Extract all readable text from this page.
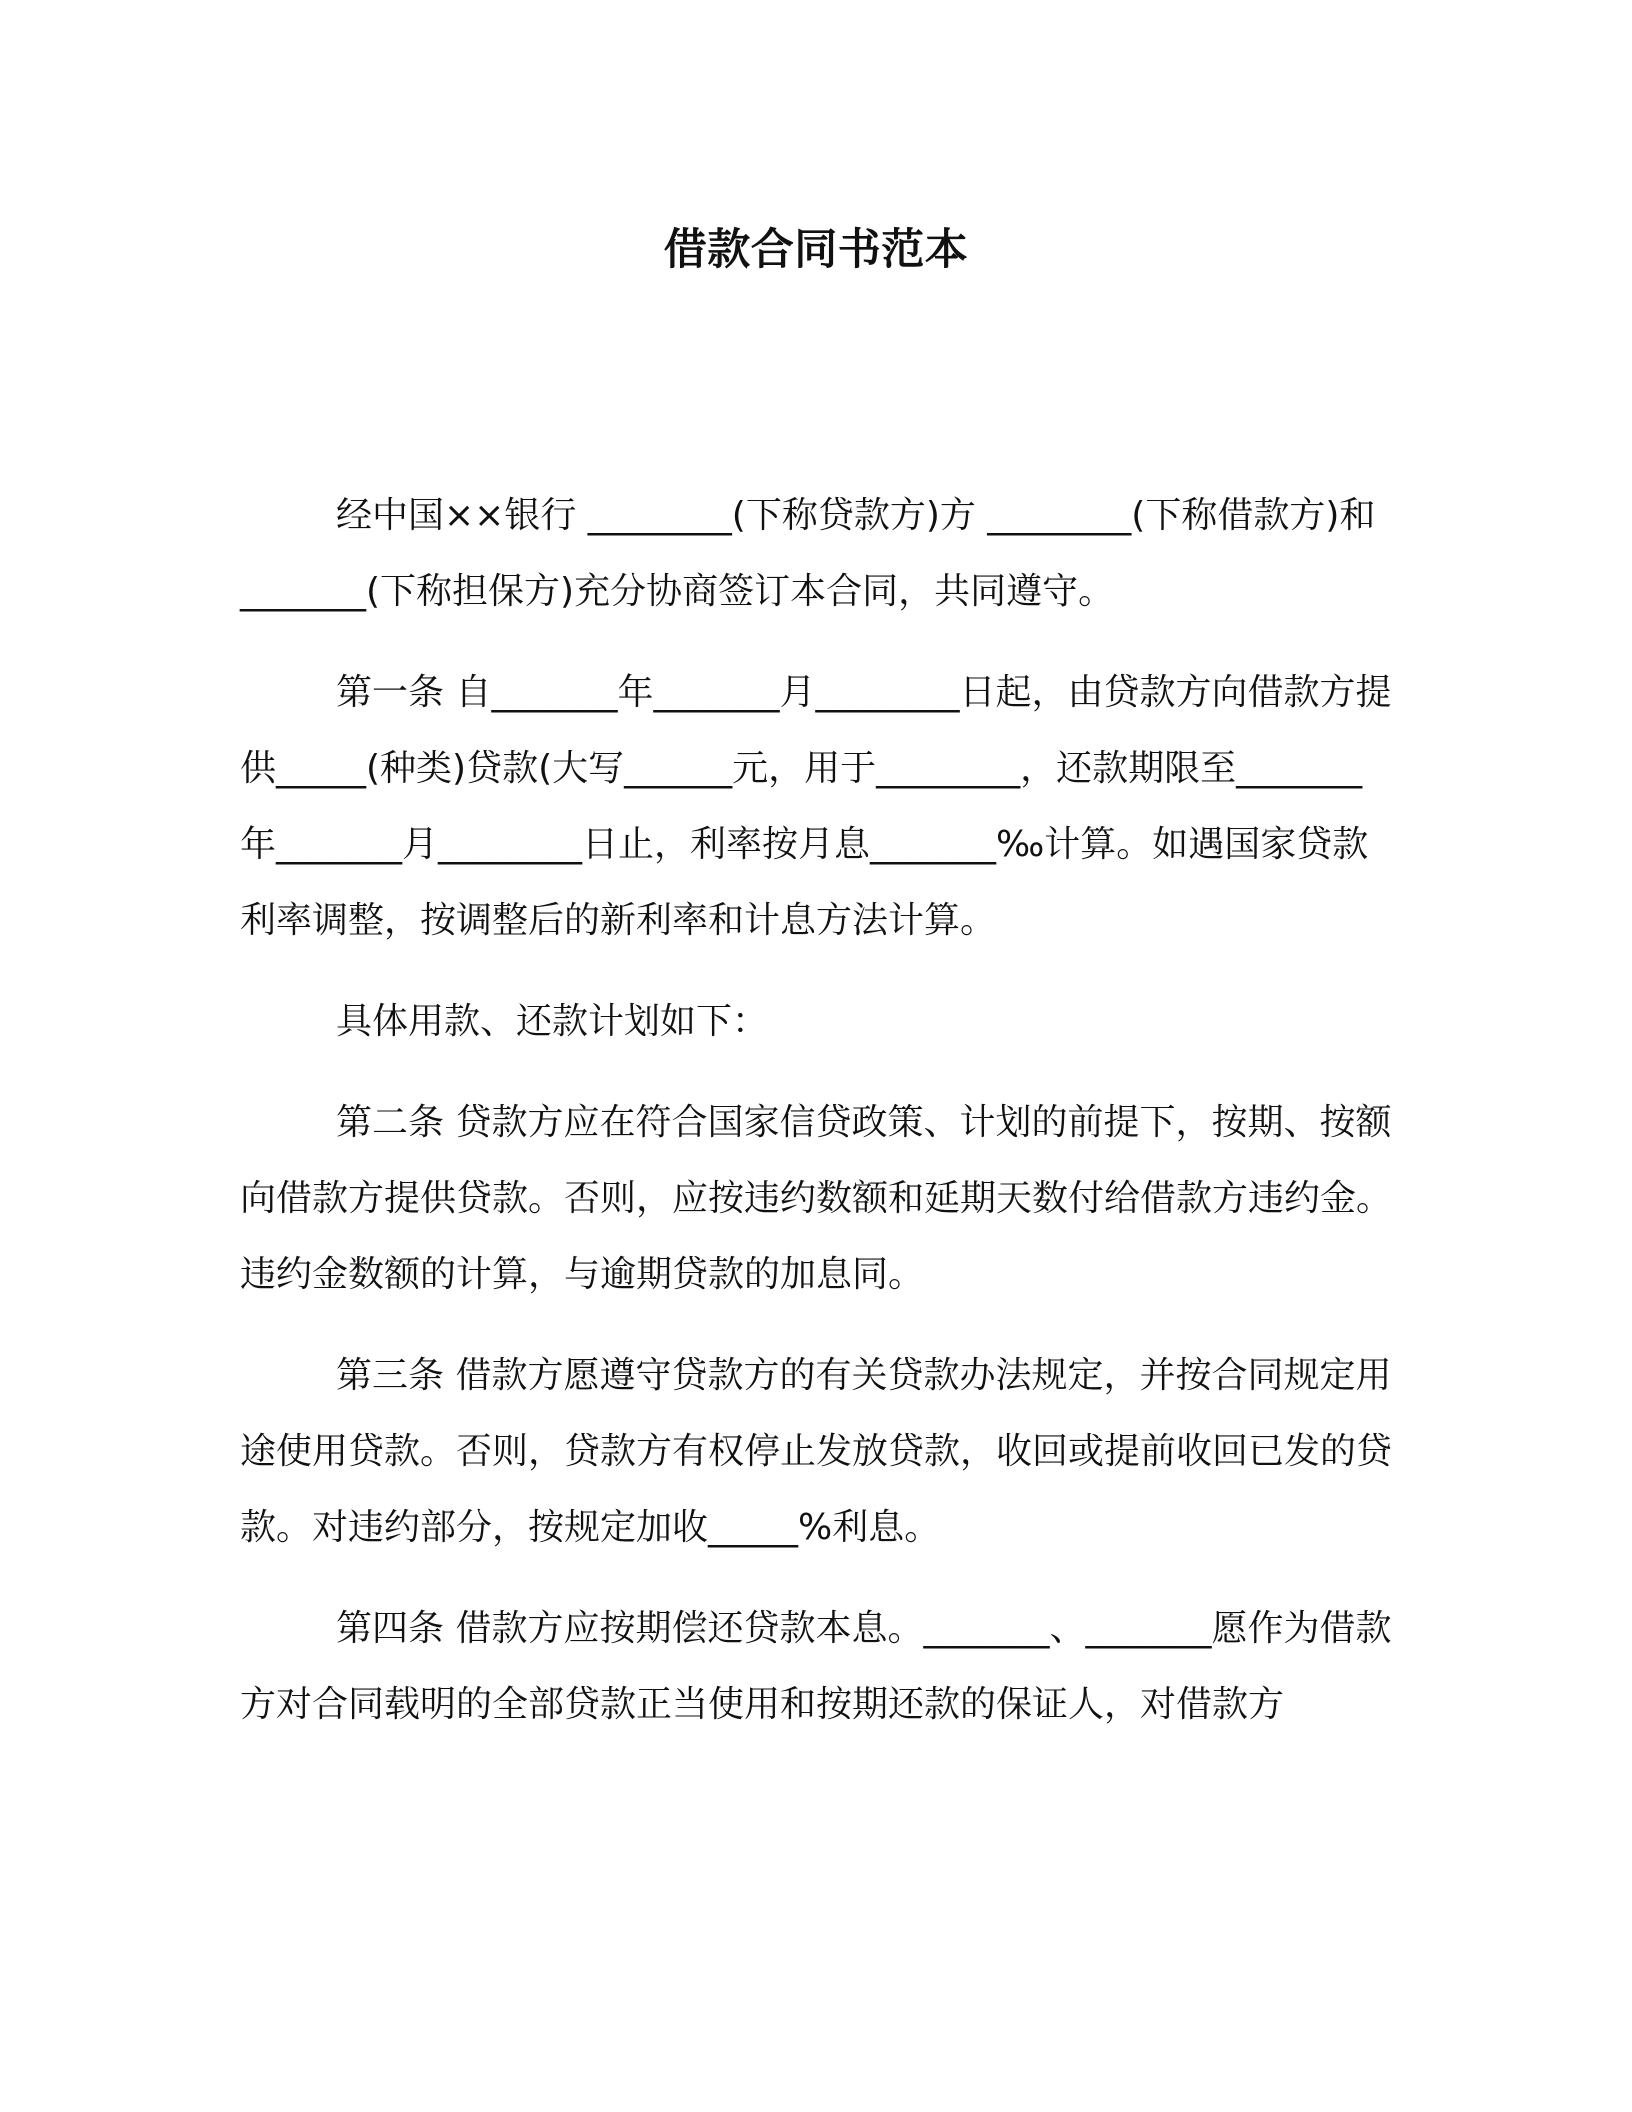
借款合同书范本

经中国××银行 ________(下称贷款方)方 ________(下称借款方)和_______(下称担保方)充分协商签订本合同，共同遵守。

第一条 自_______年_______月________日起，由贷款方向借款方提供_____(种类)贷款(大写______元，用于________，还款期限至_______年_______月________日止，利率按月息_______‰计算。如遇国家贷款利率调整，按调整后的新利率和计息方法计算。

具体用款、还款计划如下：

第二条 贷款方应在符合国家信贷政策、计划的前提下，按期、按额向借款方提供贷款。否则，应按违约数额和延期天数付给借款方违约金。违约金数额的计算，与逾期贷款的加息同。

第三条 借款方愿遵守贷款方的有关贷款办法规定，并按合同规定用途使用贷款。否则，贷款方有权停止发放贷款，收回或提前收回已发的贷款。对违约部分，按规定加收_____%利息。

第四条 借款方应按期偿还贷款本息。_______、_______愿作为借款方对合同载明的全部贷款正当使用和按期还款的保证人，对借款方
